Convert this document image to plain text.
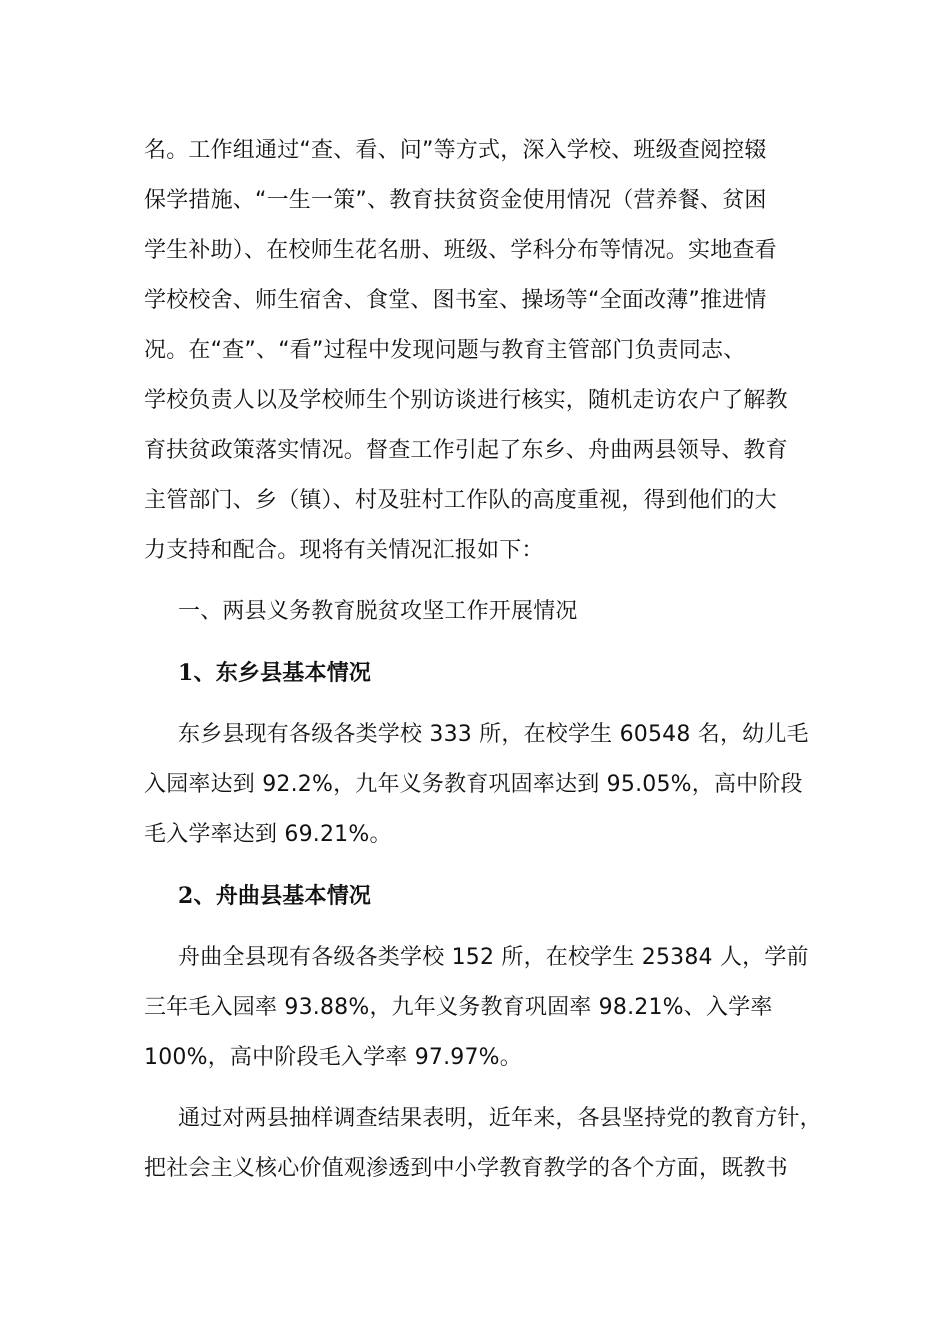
名。工作组通过“查、看、问”等方式，深入学校、班级查阅控辍
保学措施、“一生一策”、教育扶贫资金使用情况（营养餐、贫困
学生补助）、在校师生花名册、班级、学科分布等情况。实地查看
学校校舍、师生宿舍、食堂、图书室、操场等“全面改薄”推进情
况。在“查”、“看”过程中发现问题与教育主管部门负责同志、
学校负责人以及学校师生个别访谈进行核实，随机走访农户了解教
育扶贫政策落实情况。督查工作引起了东乡、舟曲两县领导、教育
主管部门、乡（镇）、村及驻村工作队的高度重视，得到他们的大
力支持和配合。现将有关情况汇报如下：
一、两县义务教育脱贫攻坚工作开展情况
1、东乡县基本情况
东乡县现有各级各类学校 333 所，在校学生 60548 名，幼儿毛
入园率达到 92.2%，九年义务教育巩固率达到 95.05%，高中阶段
毛入学率达到 69.21%。
2、舟曲县基本情况
舟曲全县现有各级各类学校 152 所，在校学生 25384 人，学前
三年毛入园率 93.88%，九年义务教育巩固率 98.21%、入学率
100%，高中阶段毛入学率 97.97%。
通过对两县抽样调查结果表明，近年来，各县坚持党的教育方针，
把社会主义核心价值观渗透到中小学教育教学的各个方面，既教书
